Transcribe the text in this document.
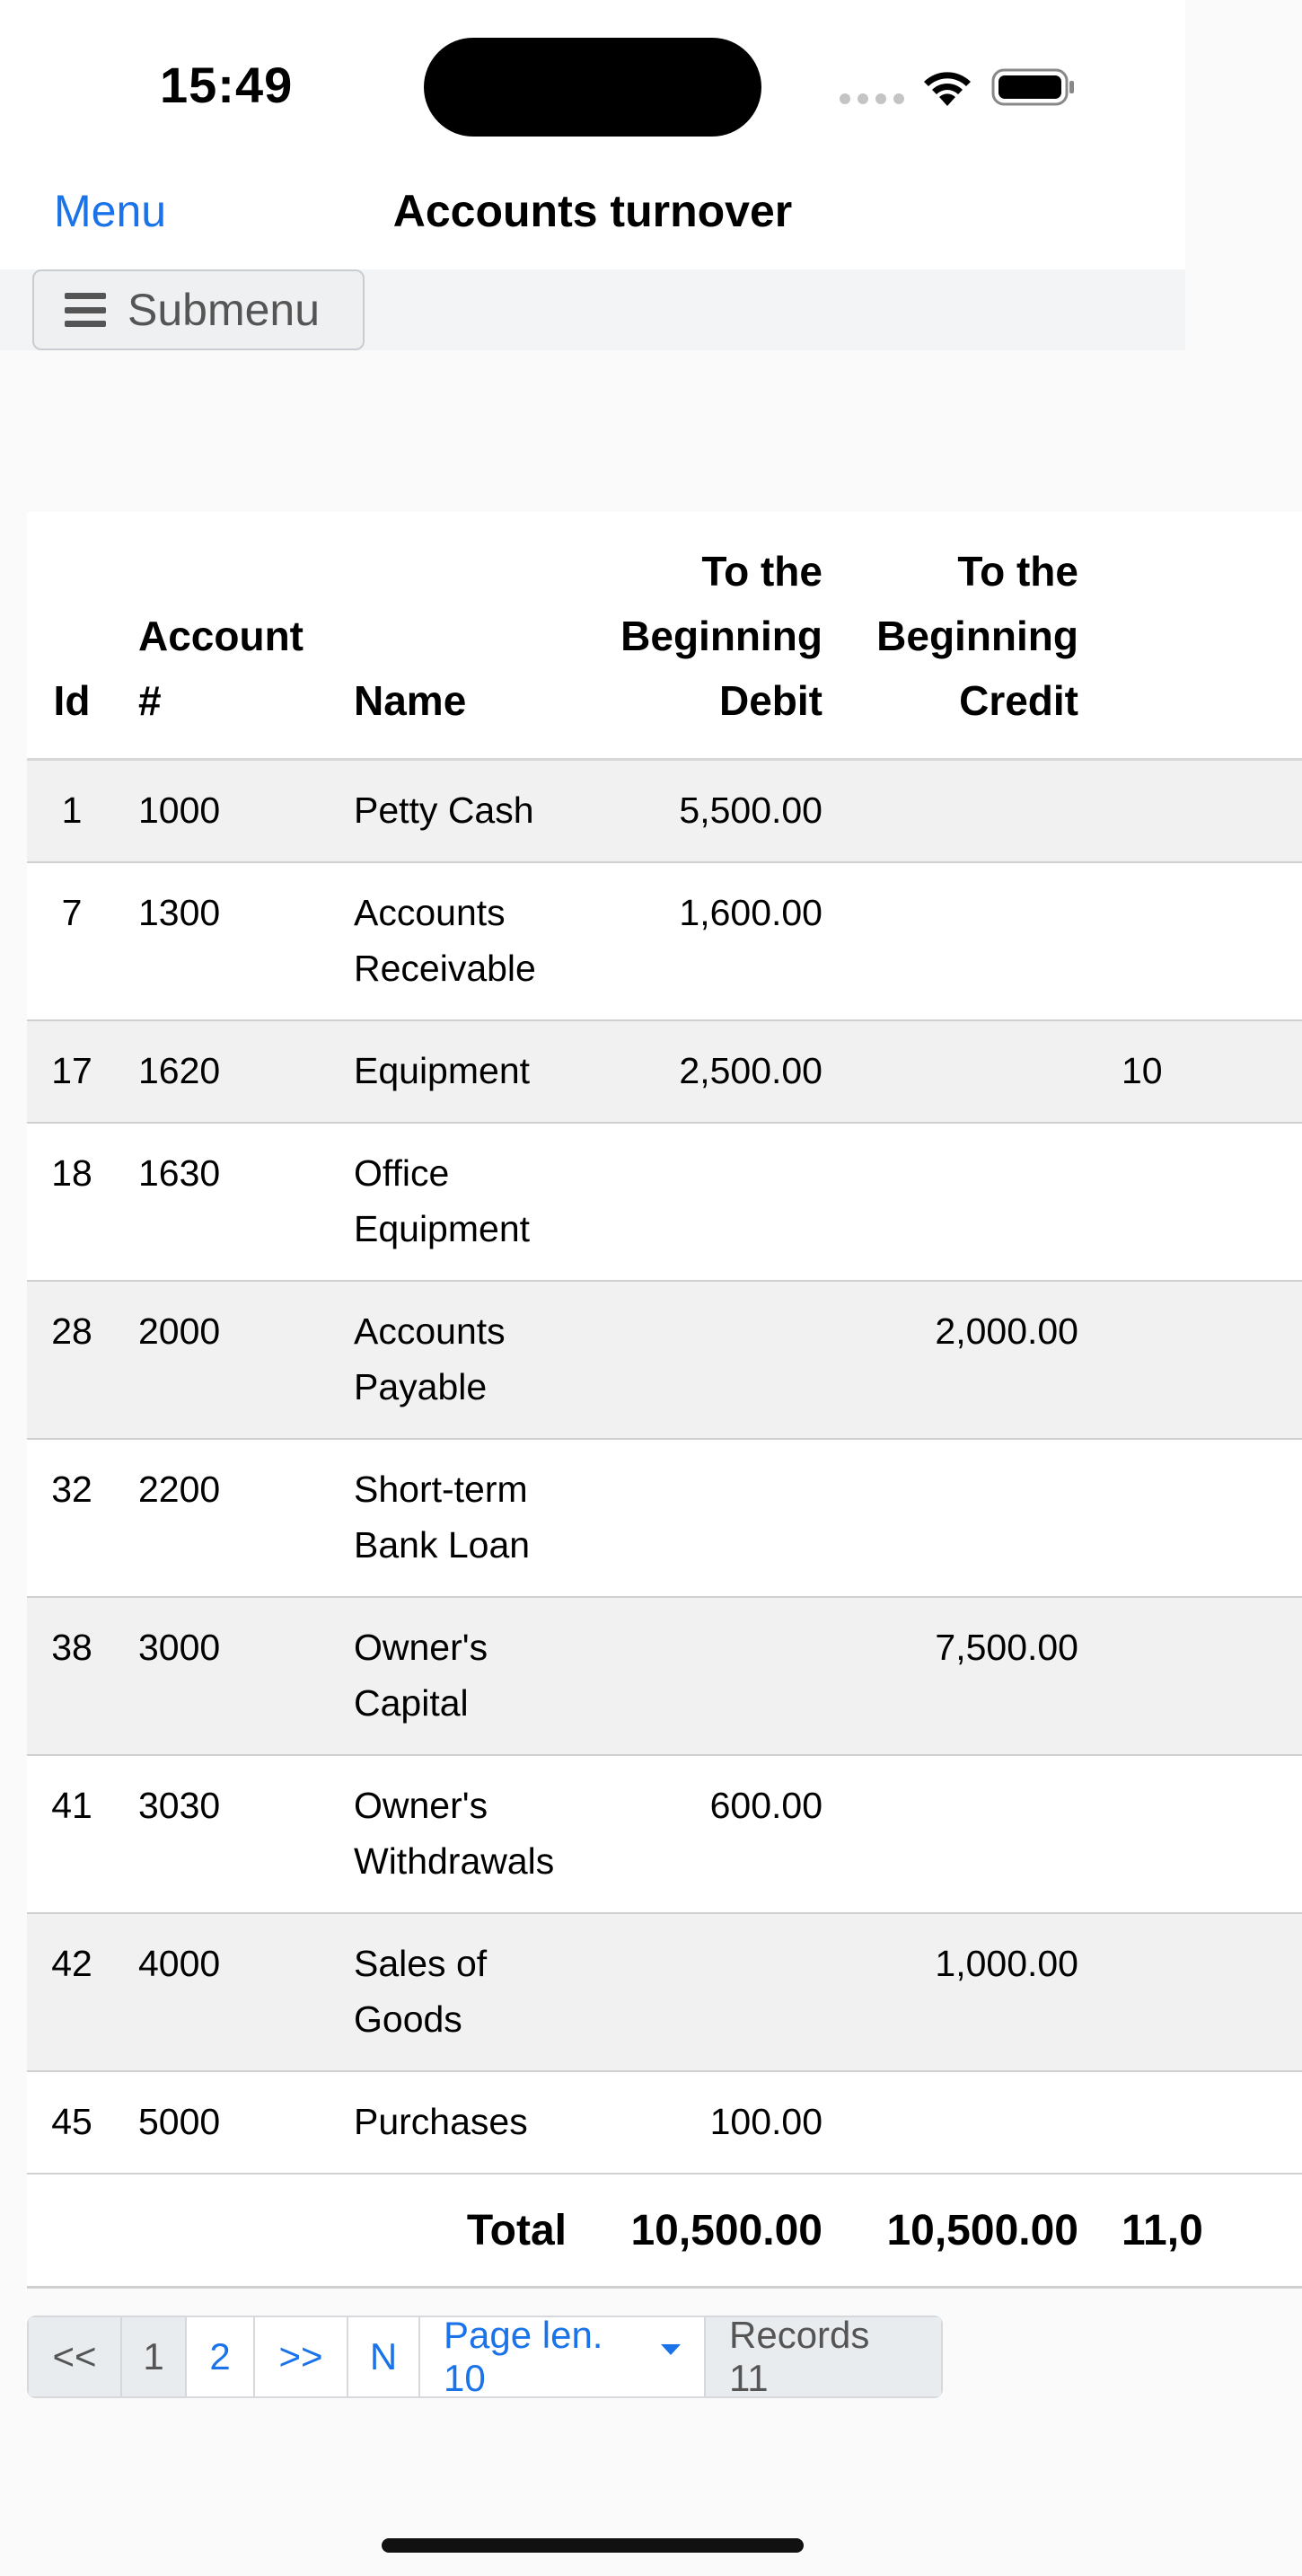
15:49
Accounts turnover
Menu
Submenu
Id	Account #	Name	To the Beginning Debit	To the Beginning Credit	
1	1000	Petty Cash	5,500.00		
7	1300	Accounts Receivable	1,600.00		
17	1620	Equipment	2,500.00		10
18	1630	Office Equipment			
28	2000	Accounts Payable		2,000.00	
32	2200	Short-term Bank Loan			
38	3000	Owner's Capital		7,500.00	
41	3030	Owner's Withdrawals	600.00		
42	4000	Sales of Goods		1,000.00	
45	5000	Purchases	100.00		
Total			10,500.00	10,500.00	11,0
<<	1	2	>>	N
Page len. 10
Records 11
